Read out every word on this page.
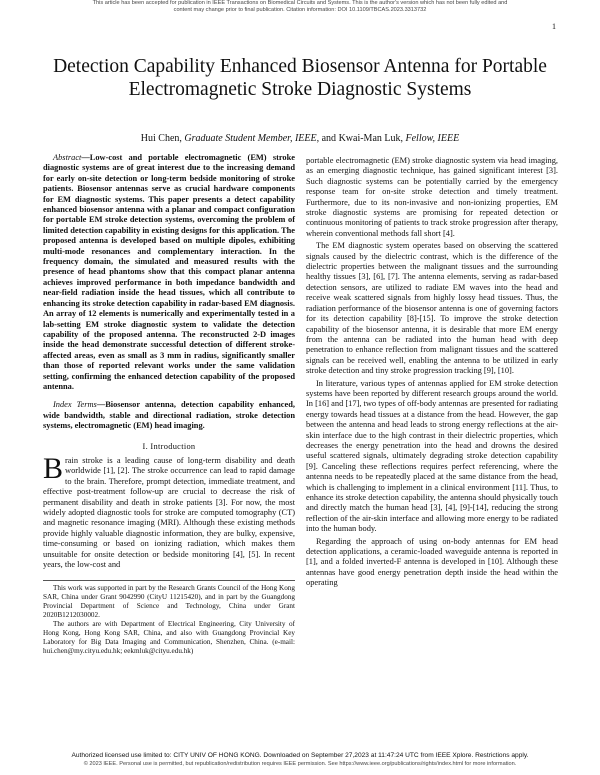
This article has been accepted for publication in IEEE Transactions on Biomedical Circuits and Systems. This is the author's version which has not been fully edited and
content may change prior to final publication. Citation information: DOI 10.1109/TBCAS.2023.3313732
1
Detection Capability Enhanced Biosensor Antenna for Portable Electromagnetic Stroke Diagnostic Systems
Hui Chen, Graduate Student Member, IEEE, and Kwai-Man Luk, Fellow, IEEE

Abstract—Low-cost and portable electromagnetic (EM) stroke diagnostic systems are of great interest due to the increasing demand for early on-site detection or long-term bedside monitoring of stroke patients. Biosensor antennas serve as crucial hardware components for EM diagnostic systems. This paper presents a detect capability enhanced biosensor antenna with a planar and compact configuration for portable EM stroke detection systems, overcoming the problem of limited detection capability in existing designs for this application. The proposed antenna is developed based on multiple dipoles, exhibiting multi-mode resonances and complementary interaction. In the frequency domain, the simulated and measured results with the presence of head phantoms show that this compact planar antenna achieves improved performance in both impedance bandwidth and near-field radiation inside the head tissues, which all contribute to enhancing its stroke detection capability in radar-based EM diagnosis. An array of 12 elements is numerically and experimentally tested in a lab-setting EM stroke diagnostic system to validate the detection capability of the proposed antenna. The reconstructed 2-D images inside the head demonstrate successful detection of different stroke-affected areas, even as small as 3 mm in radius, significantly smaller than those of reported relevant works under the same validation setting, confirming the enhanced detection capability of the proposed antenna.

Index Terms—Biosensor antenna, detection capability enhanced, wide bandwidth, stable and directional radiation, stroke detection systems, electromagnetic (EM) head imaging.

I. Introduction

Brain stroke is a leading cause of long-term disability and death worldwide [1], [2]. The stroke occurrence can lead to rapid damage to the brain. Therefore, prompt detection, immediate treatment, and effective post-treatment follow-up are crucial to decrease the risk of permanent disability and death in stroke patients [3]. For now, the most widely adopted diagnostic tools for stroke are computed tomography (CT) and magnetic resonance imaging (MRI). Although these existing methods provide highly valuable diagnostic information, they are bulky, expensive, time-consuming or based on ionizing radiation, which makes them unsuitable for onsite detection or bedside monitoring [4], [5]. In recent years, the low-cost and

This work was supported in part by the Research Grants Council of the Hong Kong SAR, China under Grant 9042990 (CityU 11215420), and in part by the Guangdong Provincial Department of Science and Technology, China under Grant 2020B1212030002.

The authors are with Department of Electrical Engineering, City University of Hong Kong, Hong Kong SAR, China, and also with Guangdong Provincial Key Laboratory for Big Data Imaging and Communication, Shenzhen, China. (e-mail: hui.chen@my.cityu.edu.hk; eekmluk@cityu.edu.hk)

portable electromagnetic (EM) stroke diagnostic system via head imaging, as an emerging diagnostic technique, has gained significant interest [3]. Such diagnostic systems can be potentially carried by the emergency response team for on-site stroke detection and timely treatment. Furthermore, due to its non-invasive and non-ionizing properties, EM stroke diagnostic systems are promising for repeated detection or continuous monitoring of patients to track stroke progression after therapy, wherein conventional methods fall short [4].

The EM diagnostic system operates based on observing the scattered signals caused by the dielectric contrast, which is the difference of the dielectric properties between the malignant tissues and the surrounding healthy tissues [3], [6], [7]. The antenna elements, serving as radar-based detection sensors, are utilized to radiate EM waves into the head and receive weak scattered signals from highly lossy head tissues. Thus, the radiation performance of the biosensor antenna is one of governing factors for its detection capability [8]-[15]. To improve the stroke detection capability of the biosensor antenna, it is desirable that more EM energy from the antenna can be radiated into the human head with deep penetration to enhance reflection from malignant tissues and the scattered signals can be received well, enabling the antenna to be utilized in early stroke detection and tiny stroke progression tracking [9], [10].

In literature, various types of antennas applied for EM stroke detection systems have been reported by different research groups around the world. In [16] and [17], two types of off-body antennas are presented for radiating energy towards head tissues at a distance from the head. However, the gap between the antenna and head leads to strong energy reflections at the air-skin interface due to the high contrast in their dielectric properties, which decreases the energy penetration into the head and drowns the desired useful scattered signals, ultimately degrading stroke detection capability [9]. Canceling these reflections requires perfect referencing, where the antenna needs to be repeatedly placed at the same distance from the head, which is challenging to implement in a clinical environment [11]. Thus, to enhance its stroke detection capability, the antenna should physically touch and directly match the human head [3], [4], [9]-[14], reducing the strong reflection of the air-skin interface and allowing more energy to be radiated into the human body.

Regarding the approach of using on-body antennas for EM head detection applications, a ceramic-loaded waveguide antenna is reported in [1], and a folded inverted-F antenna is developed in [10]. Although these antennas have good energy penetration depth inside the head within the operating

Authorized licensed use limited to: CITY UNIV OF HONG KONG. Downloaded on September 27,2023 at 11:47:24 UTC from IEEE Xplore. Restrictions apply.
© 2023 IEEE. Personal use is permitted, but republication/redistribution requires IEEE permission. See https://www.ieee.org/publications/rights/index.html for more information.
